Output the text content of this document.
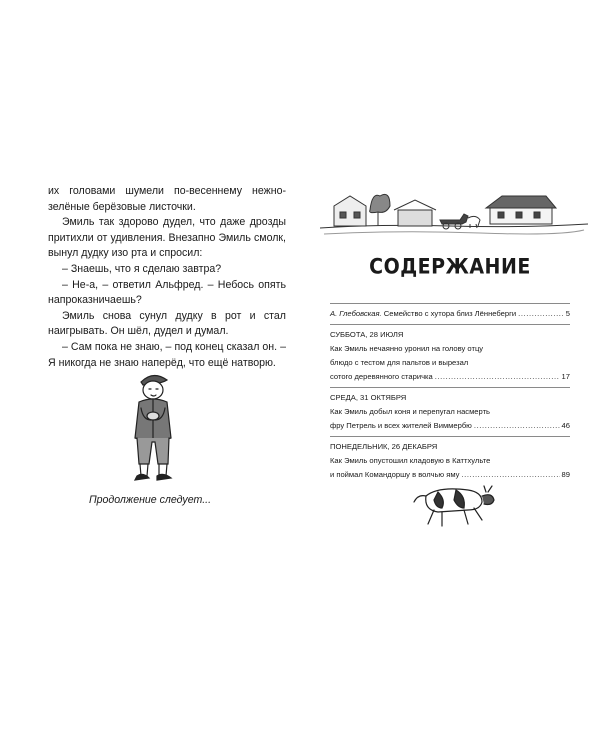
их головами шумели по-весеннему нежно-зелёные берёзовые листочки.

Эмиль так здорово дудел, что даже дрозды притихли от удивления. Внезапно Эмиль смолк, вынул дудку изо рта и спросил:

– Знаешь, что я сделаю завтра?

– Не-а, – ответил Альфред. – Небось опять напроказничаешь?

Эмиль снова сунул дудку в рот и стал наигрывать. Он шёл, дудел и думал.

– Сам пока не знаю, – под конец сказал он. – Я никогда не знаю наперёд, что ещё натворю.

Продолжение следует...
СОДЕРЖАНИЕ
А. Глебовская. Семейство с хутора близ Лённеберги .....	5
СУББОТА, 28 ИЮЛЯ
Как Эмиль нечаянно уронил на голову отцу
блюдо с тестом для пальтов и вырезал
сотого деревянного старичка .....	17
СРЕДА, 31 ОКТЯБРЯ
Как Эмиль добыл коня и перепугал насмерть
фру Петрель и всех жителей Виммербю .....	46
ПОНЕДЕЛЬНИК, 26 ДЕКАБРЯ
Как Эмиль опустошил кладовую в Каттхульте
и поймал Командоршу в волчью яму .....	89
